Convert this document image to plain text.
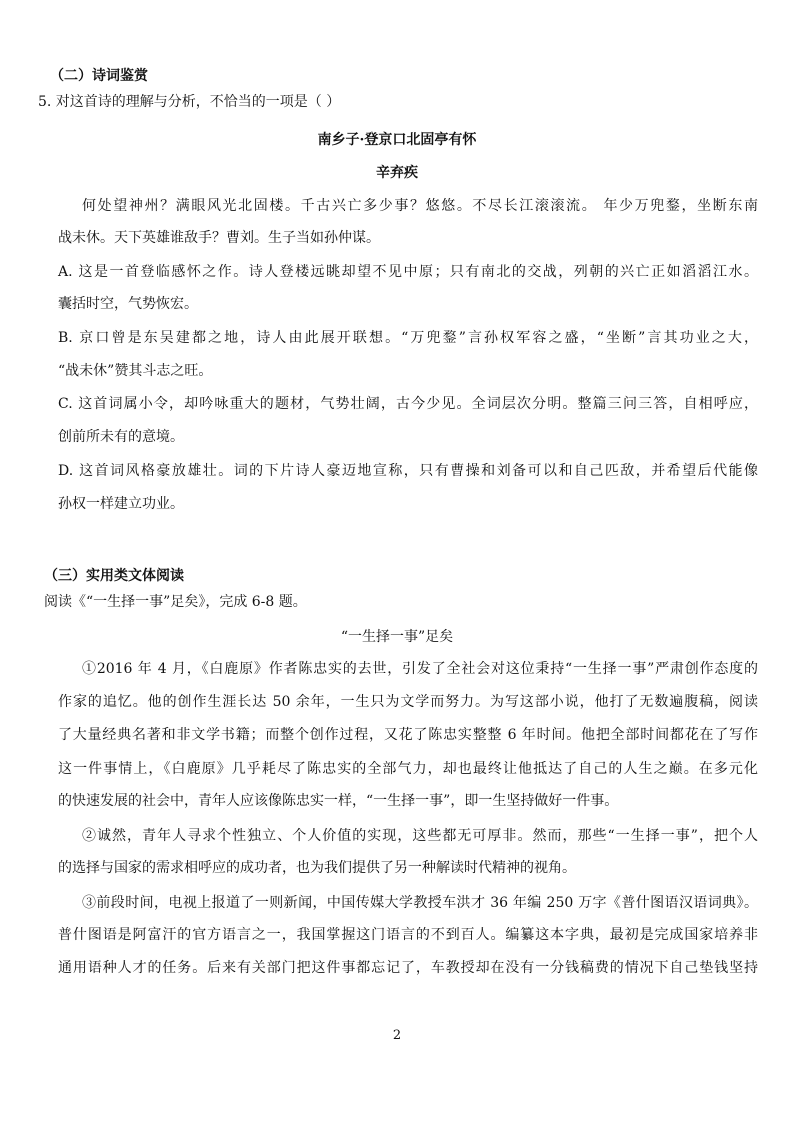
（二）诗词鉴赏
5. 对这首诗的理解与分析，不恰当的一项是（ ）
南乡子·登京口北固亭有怀
辛弃疾
何处望神州？满眼风光北固楼。千古兴亡多少事？悠悠。不尽长江滚滚流。 年少万兜鍪，坐断东南
战未休。天下英雄谁敌手？曹刘。生子当如孙仲谋。
A. 这是一首登临感怀之作。诗人登楼远眺却望不见中原；只有南北的交战，列朝的兴亡正如滔滔江水。
囊括时空，气势恢宏。
B. 京口曾是东吴建都之地，诗人由此展开联想。“万兜鍪”言孙权军容之盛，“坐断”言其功业之大，
“战未休”赞其斗志之旺。
C. 这首词属小令，却吟咏重大的题材，气势壮阔，古今少见。全词层次分明。整篇三问三答，自相呼应，
创前所未有的意境。
D. 这首词风格豪放雄壮。词的下片诗人豪迈地宣称，只有曹操和刘备可以和自己匹敌，并希望后代能像
孙权一样建立功业。
（三）实用类文体阅读
阅读《“一生择一事”足矣》，完成 6-8 题。
“一生择一事”足矣
①2016 年 4 月，《白鹿原》作者陈忠实的去世，引发了全社会对这位秉持“一生择一事”严肃创作态度的
作家的追忆。他的创作生涯长达 50 余年，一生只为文学而努力。为写这部小说，他打了无数遍腹稿，阅读
了大量经典名著和非文学书籍；而整个创作过程，又花了陈忠实整整 6 年时间。他把全部时间都花在了写作
这一件事情上，《白鹿原》几乎耗尽了陈忠实的全部气力，却也最终让他抵达了自己的人生之巅。在多元化
的快速发展的社会中，青年人应该像陈忠实一样，“一生择一事”，即一生坚持做好一件事。
②诚然，青年人寻求个性独立、个人价值的实现，这些都无可厚非。然而，那些“一生择一事”，把个人
的选择与国家的需求相呼应的成功者，也为我们提供了另一种解读时代精神的视角。
③前段时间，电视上报道了一则新闻，中国传媒大学教授车洪才 36 年编 250 万字《普什图语汉语词典》。
普什图语是阿富汗的官方语言之一，我国掌握这门语言的不到百人。编纂这本字典，最初是完成国家培养非
通用语种人才的任务。后来有关部门把这件事都忘记了，车教授却在没有一分钱稿费的情况下自己垫钱坚持
2
